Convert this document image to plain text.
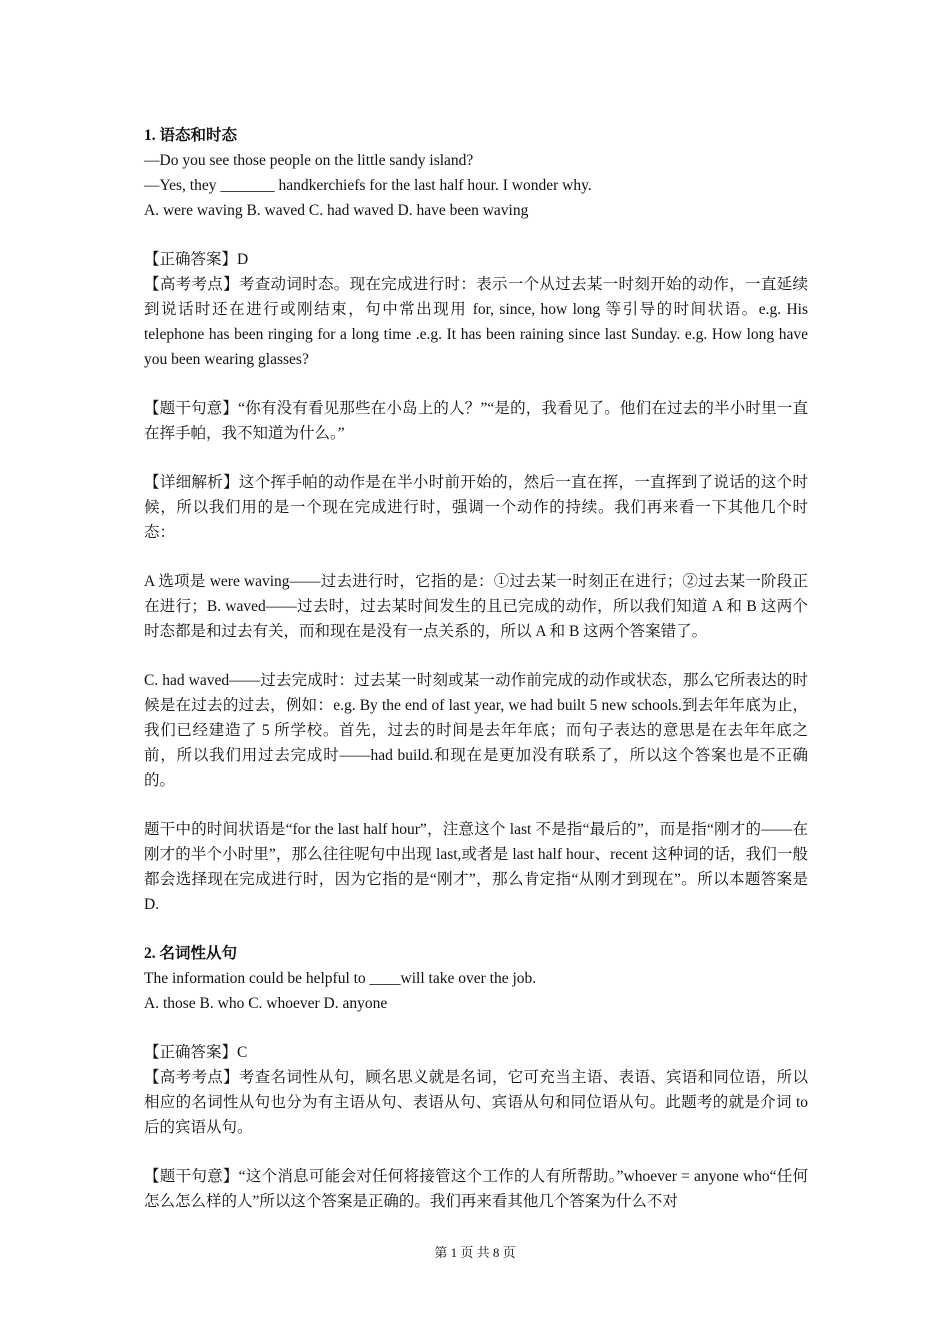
1. 语态和时态
—Do you see those people on the little sandy island?
—Yes, they _______ handkerchiefs for the last half hour. I wonder why.
A. were waving B. waved C. had waved D. have been waving
【正确答案】D
【高考考点】考查动词时态。现在完成进行时：表示一个从过去某一时刻开始的动作，一直延续到说话时还在进行或刚结束，句中常出现用 for, since, how long 等引导的时间状语。e.g. His telephone has been ringing for a long time .e.g. It has been raining since last Sunday. e.g. How long have you been wearing glasses?
【题干句意】“你有没有看见那些在小岛上的人？”“是的，我看见了。他们在过去的半小时里一直在挥手帕，我不知道为什么。”
【详细解析】这个挥手帕的动作是在半小时前开始的，然后一直在挥，一直挥到了说话的这个时候，所以我们用的是一个现在完成进行时，强调一个动作的持续。我们再来看一下其他几个时态：
A 选项是 were waving——过去进行时，它指的是：①过去某一时刻正在进行；②过去某一阶段正在进行；B. waved——过去时，过去某时间发生的且已完成的动作，所以我们知道 A 和 B 这两个时态都是和过去有关，而和现在是没有一点关系的，所以 A 和 B 这两个答案错了。
C. had waved——过去完成时：过去某一时刻或某一动作前完成的动作或状态，那么它所表达的时候是在过去的过去，例如：e.g. By the end of last year, we had built 5 new schools.到去年年底为止，我们已经建造了 5 所学校。首先，过去的时间是去年年底；而句子表达的意思是在去年年底之前，所以我们用过去完成时——had build.和现在是更加没有联系了，所以这个答案也是不正确的。
题干中的时间状语是“for the last half hour”，注意这个 last 不是指“最后的”，而是指“刚才的——在刚才的半个小时里”，那么往往呢句中出现 last,或者是 last half hour、recent 这种词的话，我们一般都会选择现在完成进行时，因为它指的是“刚才”，那么肯定指“从刚才到现在”。所以本题答案是 D.
2. 名词性从句
The information could be helpful to ____will take over the job.
A. those B. who C. whoever D. anyone
【正确答案】C
【高考考点】考查名词性从句，顾名思义就是名词，它可充当主语、表语、宾语和同位语，所以相应的名词性从句也分为有主语从句、表语从句、宾语从句和同位语从句。此题考的就是介词 to 后的宾语从句。
【题干句意】“这个消息可能会对任何将接管这个工作的人有所帮助。”whoever = anyone who“任何怎么怎么样的人”所以这个答案是正确的。我们再来看其他几个答案为什么不对
第 1 页 共 8 页
